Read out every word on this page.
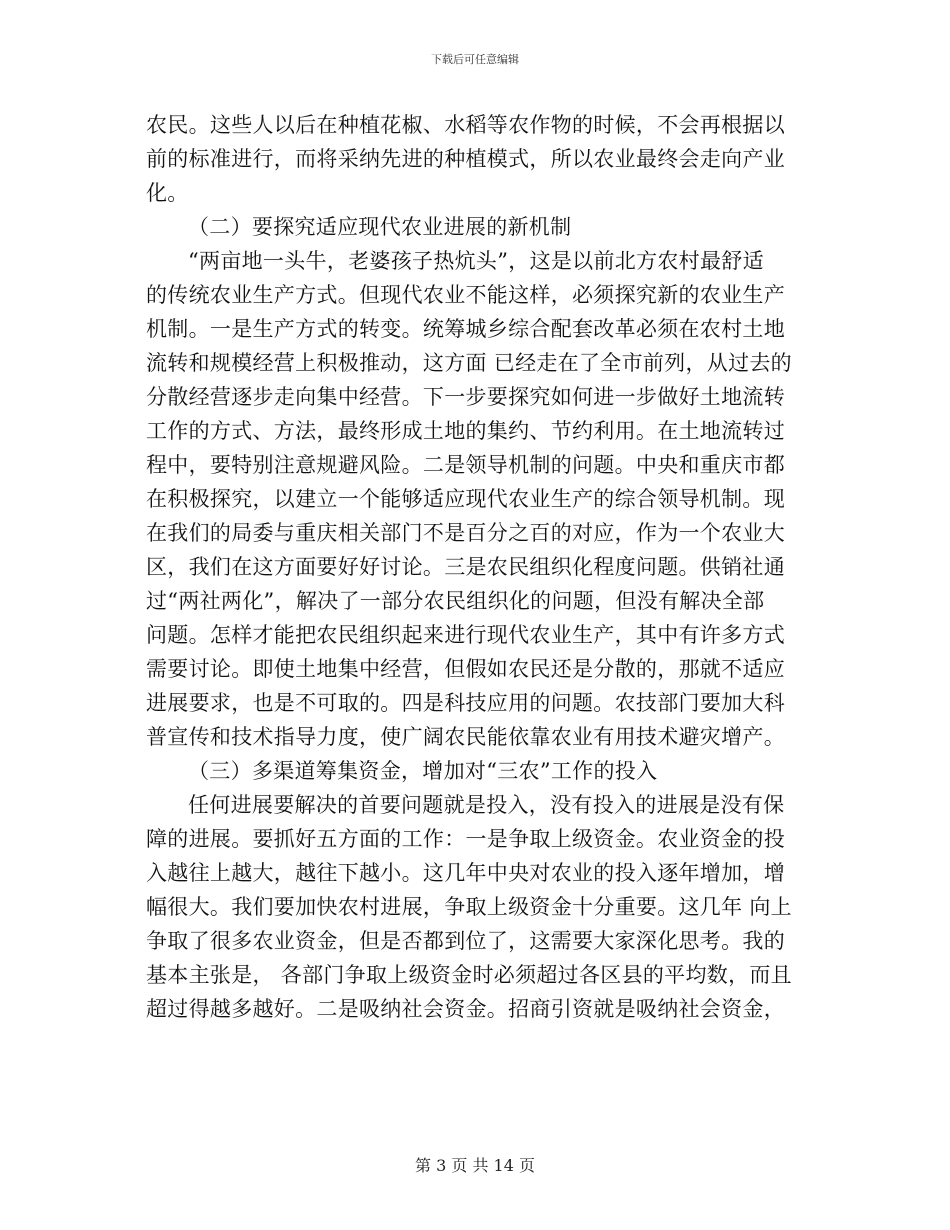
下载后可任意编辑
农民。这些人以后在种植花椒、水稻等农作物的时候，不会再根据以
前的标准进行，而将采纳先进的种植模式，所以农业最终会走向产业
化。
（二）要探究适应现代农业进展的新机制
“两亩地一头牛，老婆孩子热炕头”，这是以前北方农村最舒适
的传统农业生产方式。但现代农业不能这样，必须探究新的农业生产
机制。一是生产方式的转变。统筹城乡综合配套改革必须在农村土地
流转和规模经营上积极推动，这方面 已经走在了全市前列，从过去的
分散经营逐步走向集中经营。下一步要探究如何进一步做好土地流转
工作的方式、方法，最终形成土地的集约、节约利用。在土地流转过
程中，要特别注意规避风险。二是领导机制的问题。中央和重庆市都
在积极探究，以建立一个能够适应现代农业生产的综合领导机制。现
在我们的局委与重庆相关部门不是百分之百的对应，作为一个农业大
区，我们在这方面要好好讨论。三是农民组织化程度问题。供销社通
过“两社两化”，解决了一部分农民组织化的问题，但没有解决全部
问题。怎样才能把农民组织起来进行现代农业生产，其中有许多方式
需要讨论。即使土地集中经营，但假如农民还是分散的，那就不适应
进展要求，也是不可取的。四是科技应用的问题。农技部门要加大科
普宣传和技术指导力度，使广阔农民能依靠农业有用技术避灾增产。
（三）多渠道筹集资金，增加对“三农”工作的投入
任何进展要解决的首要问题就是投入，没有投入的进展是没有保
障的进展。要抓好五方面的工作：一是争取上级资金。农业资金的投
入越往上越大，越往下越小。这几年中央对农业的投入逐年增加，增
幅很大。我们要加快农村进展，争取上级资金十分重要。这几年 向上
争取了很多农业资金，但是否都到位了，这需要大家深化思考。我的
基本主张是， 各部门争取上级资金时必须超过各区县的平均数，而且
超过得越多越好。二是吸纳社会资金。招商引资就是吸纳社会资金，
第 3 页 共 14 页
